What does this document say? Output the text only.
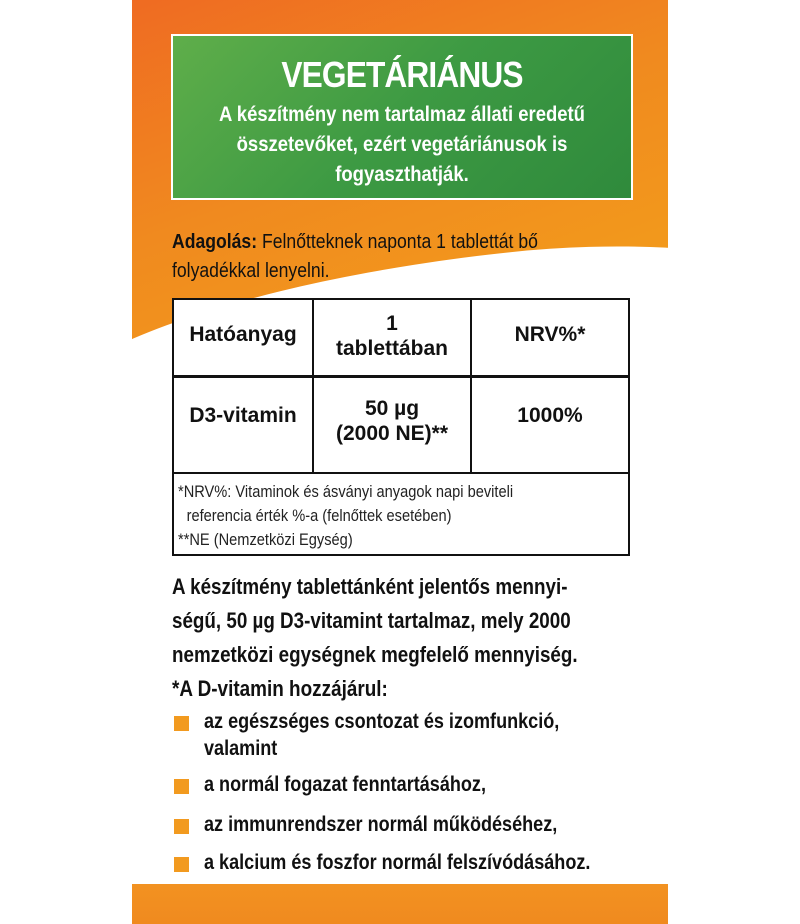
VEGETÁRIÁNUS
A készítmény nem tartalmaz állati eredetű
összetevőket, ezért vegetáriánusok is
fogyaszthatják.
Adagolás: Felnőtteknek naponta 1 tablettát bő
folyadékkal lenyelni.
Hatóanyag	1
tablettában
NRV%*
D3-vitamin	50 µg
(2000 NE)**
1000%
*NRV%: Vitaminok és ásványi anyagok napi beviteli
referencia érték %-a (felnőttek esetében)
**NE (Nemzetközi Egység)
A készítmény tablettánként jelentős mennyi-
ségű, 50 µg D3-vitamint tartalmaz, mely 2000
nemzetközi egységnek megfelelő mennyiség.
*A D-vitamin hozzájárul:
az egészséges csontozat és izomfunkció,
valamint
a normál fogazat fenntartásához,
az immunrendszer normál működéséhez,
a kalcium és foszfor normál felszívódásához.
